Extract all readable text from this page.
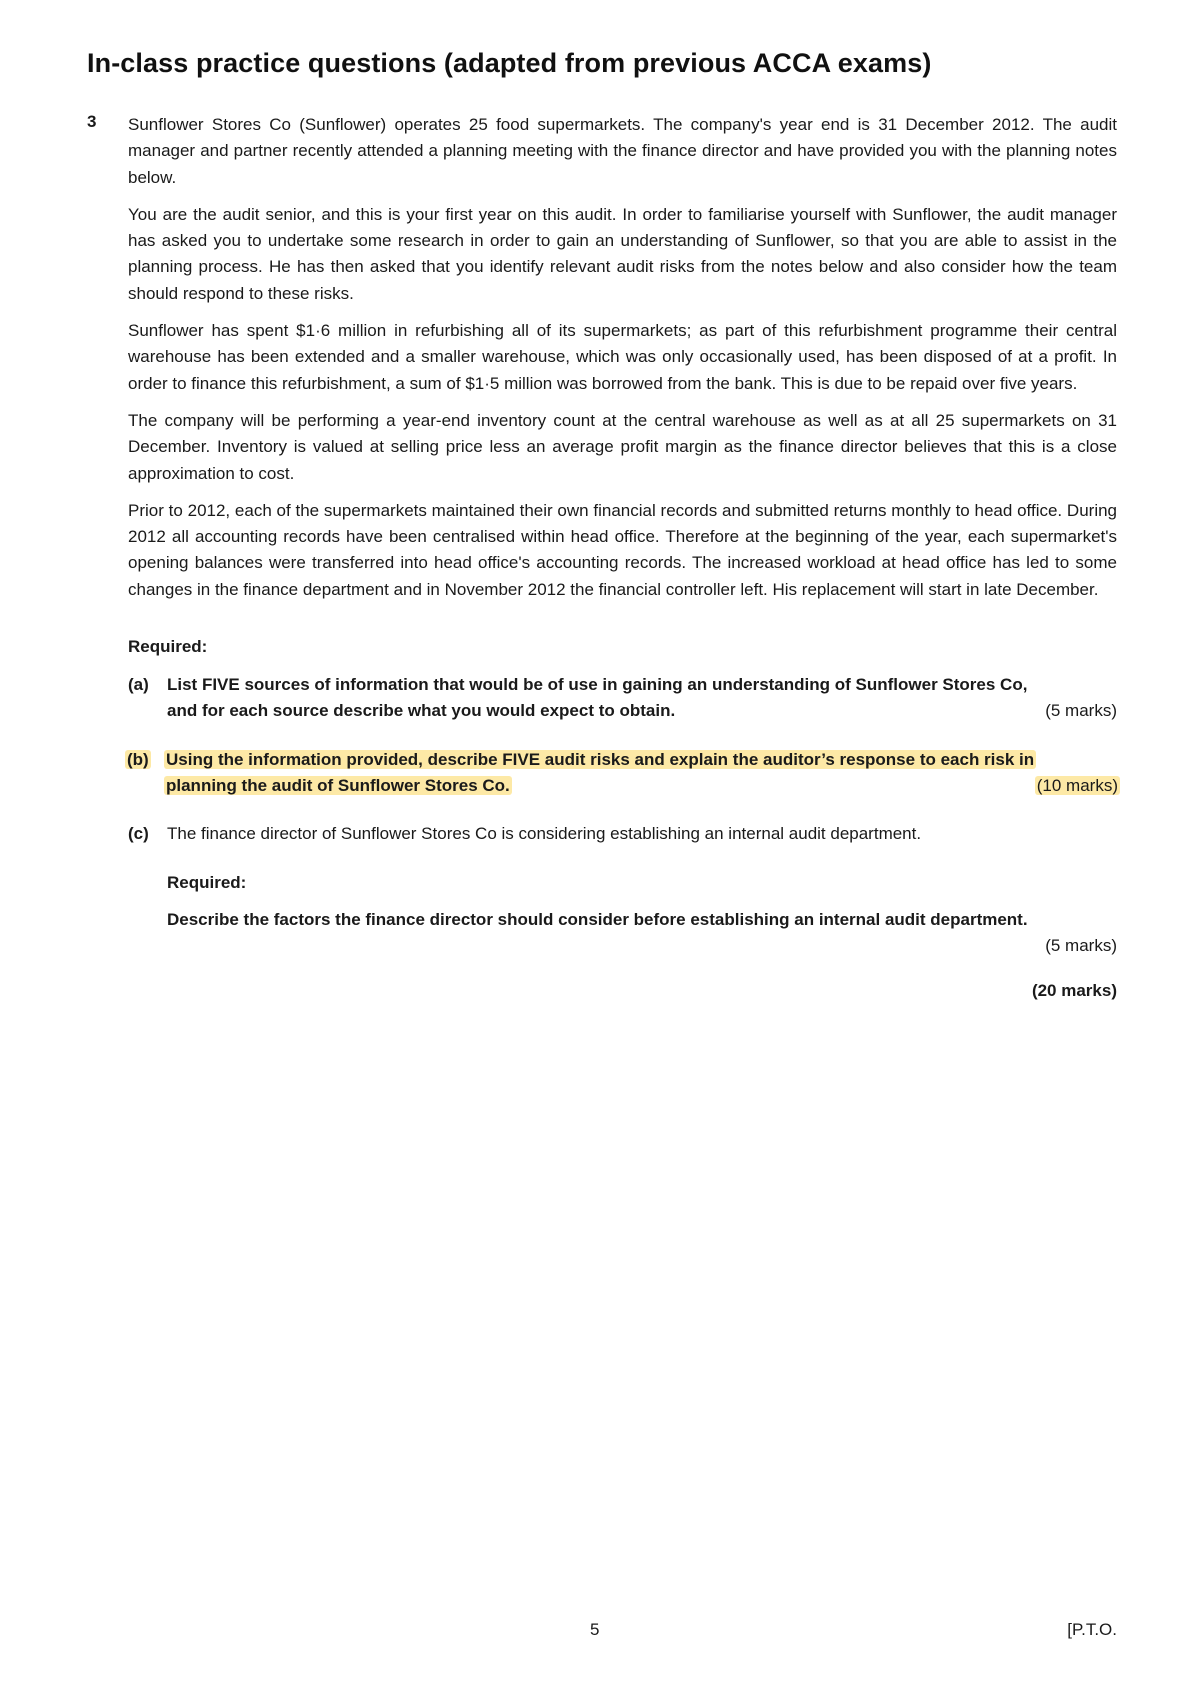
In-class practice questions (adapted from previous ACCA exams)
3 Sunflower Stores Co (Sunflower) operates 25 food supermarkets. The company's year end is 31 December 2012. The audit manager and partner recently attended a planning meeting with the finance director and have provided you with the planning notes below.

You are the audit senior, and this is your first year on this audit. In order to familiarise yourself with Sunflower, the audit manager has asked you to undertake some research in order to gain an understanding of Sunflower, so that you are able to assist in the planning process. He has then asked that you identify relevant audit risks from the notes below and also consider how the team should respond to these risks.

Sunflower has spent $1·6 million in refurbishing all of its supermarkets; as part of this refurbishment programme their central warehouse has been extended and a smaller warehouse, which was only occasionally used, has been disposed of at a profit. In order to finance this refurbishment, a sum of $1·5 million was borrowed from the bank. This is due to be repaid over five years.

The company will be performing a year-end inventory count at the central warehouse as well as at all 25 supermarkets on 31 December. Inventory is valued at selling price less an average profit margin as the finance director believes that this is a close approximation to cost.

Prior to 2012, each of the supermarkets maintained their own financial records and submitted returns monthly to head office. During 2012 all accounting records have been centralised within head office. Therefore at the beginning of the year, each supermarket's opening balances were transferred into head office's accounting records. The increased workload at head office has led to some changes in the finance department and in November 2012 the financial controller left. His replacement will start in late December.

Required:
(a) List FIVE sources of information that would be of use in gaining an understanding of Sunflower Stores Co,
and for each source describe what you would expect to obtain.	(5 marks)
(b) Using the information provided, describe FIVE audit risks and explain the auditor’s response to each risk in
planning the audit of Sunflower Stores Co.	(10 marks)
(c) The finance director of Sunflower Stores Co is considering establishing an internal audit department.
Required:
Describe the factors the finance director should consider before establishing an internal audit department.
(5 marks)
(20 marks)
5	[P.T.O.
